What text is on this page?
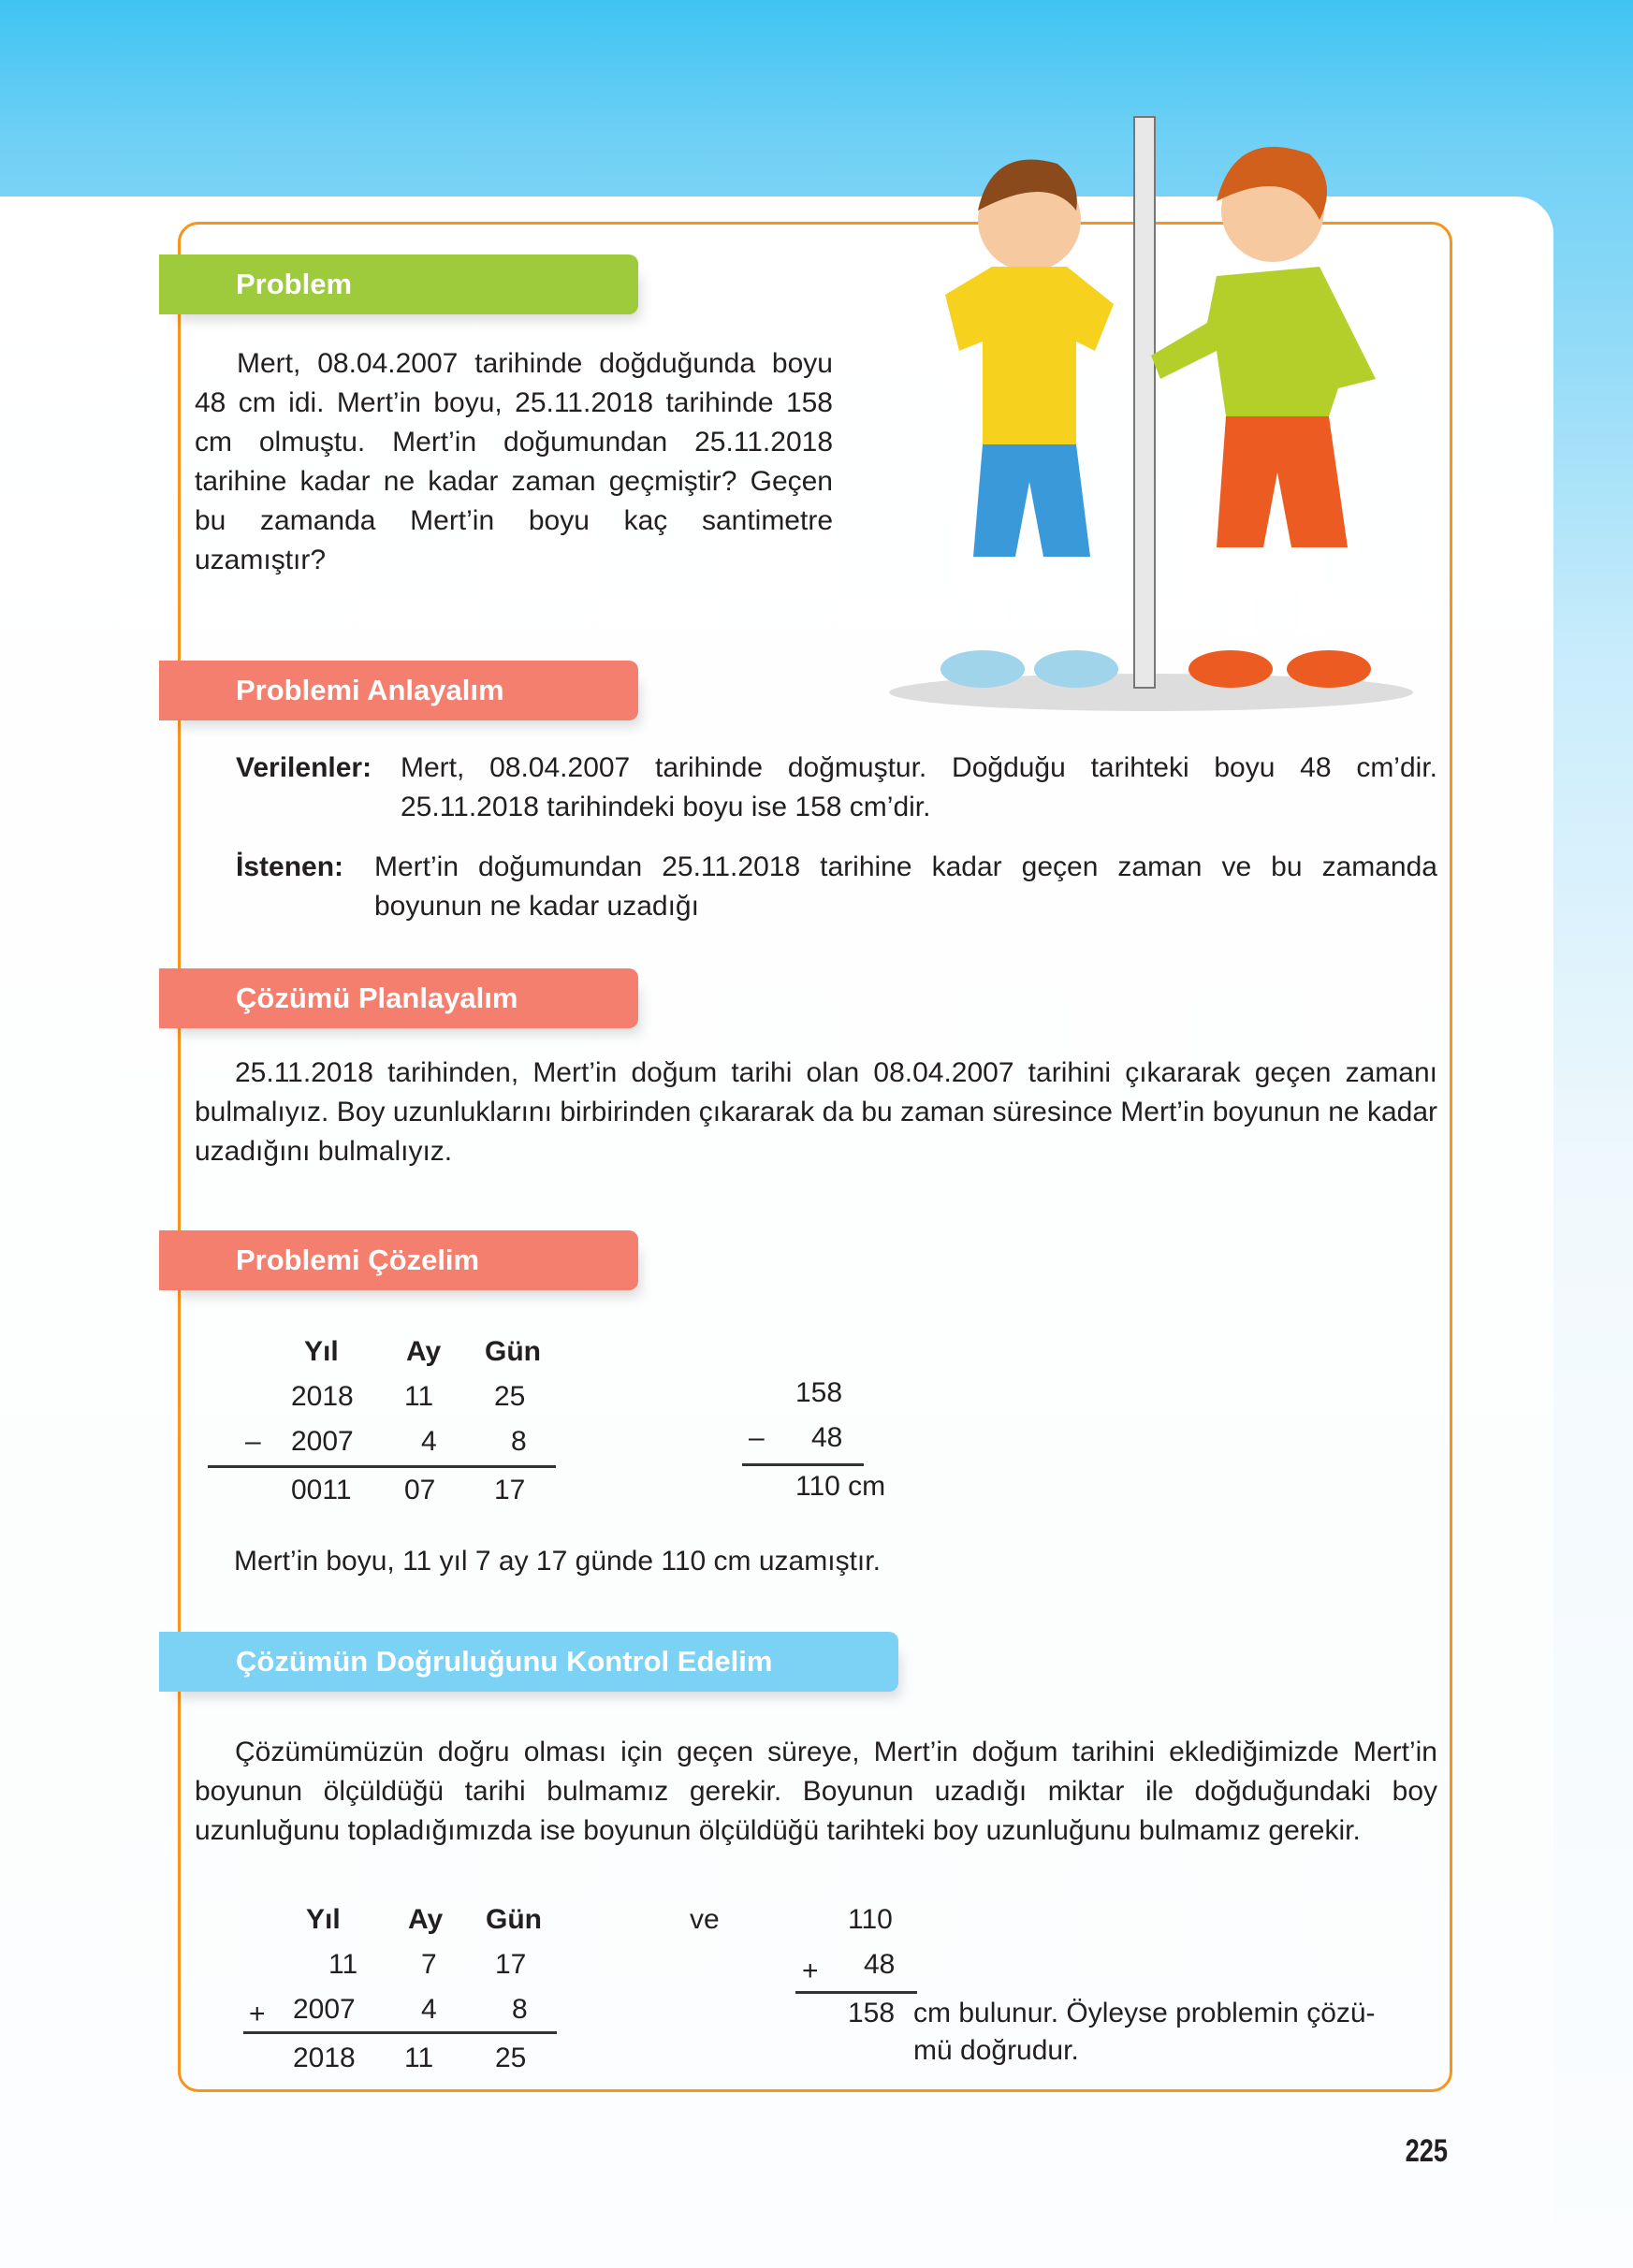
Problem
Mert, 08.04.2007 tarihinde doğduğunda boyu 48 cm idi. Mert’in boyu, 25.11.2018 tarihinde 158 cm olmuştu. Mert’in doğumundan 25.11.2018 tarihine kadar ne kadar zaman geçmiştir? Geçen bu zamanda Mert’in boyu kaç santimetre uzamıştır?
Problemi Anlayalım
Verilenler: Mert, 08.04.2007 tarihinde doğmuştur. Doğduğu tarihteki boyu 48 cm’dir. 25.11.2018 tarihindeki boyu ise 158 cm’dir.
İstenen: Mert’in doğumundan 25.11.2018 tarihine kadar geçen zaman ve bu zamanda boyunun ne kadar uzadığı
Çözümü Planlayalım
25.11.2018 tarihinden, Mert’in doğum tarihi olan 08.04.2007 tarihini çıkararak geçen zamanı bulmalıyız. Boy uzunluklarını birbirinden çıkararak da bu zaman süresince Mert’in boyunun ne kadar uzadığını bulmalıyız.
Problemi Çözelim
Yıl Ay Gün
2018 11 25
– 2007 4	8
0011 07 17
158
– 48
110 cm
Mert’in boyu, 11 yıl 7 ay 17 günde 110 cm uzamıştır.
Çözümün Doğruluğunu Kontrol Edelim
Çözümümüzün doğru olması için geçen süreye, Mert’in doğum tarihini eklediğimizde Mert’in boyunun ölçüldüğü tarihi bulmamız gerekir. Boyunun uzadığı miktar ile doğduğundaki boy uzunluğunu topladığımızda ise boyunun ölçüldüğü tarihteki boy uzunluğunu bulmamız gerekir.
Yıl Ay Gün
11 7 17
+ 2007 4	8
2018 11 25
ve	110
+ 48
158 cm bulunur. Öyleyse problemin çözü-
mü doğrudur.
225
